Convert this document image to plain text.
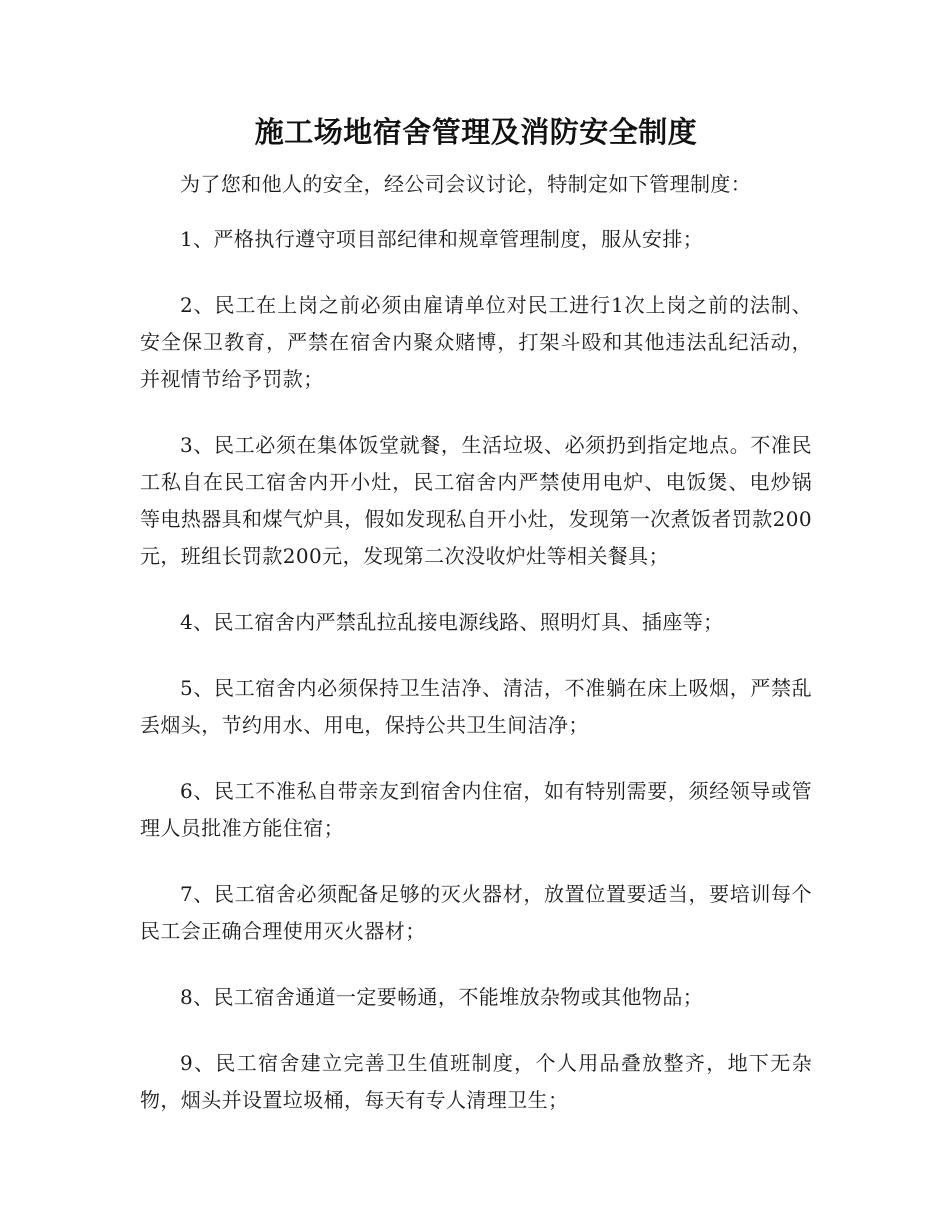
施工场地宿舍管理及消防安全制度

为了您和他人的安全，经公司会议讨论，特制定如下管理制度：

1、严格执行遵守项目部纪律和规章管理制度，服从安排；

2、民工在上岗之前必须由雇请单位对民工进行1次上岗之前的法制、安全保卫教育，严禁在宿舍内聚众赌博，打架斗殴和其他违法乱纪活动，并视情节给予罚款；

3、民工必须在集体饭堂就餐，生活垃圾、必须扔到指定地点。不准民工私自在民工宿舍内开小灶，民工宿舍内严禁使用电炉、电饭煲、电炒锅等电热器具和煤气炉具，假如发现私自开小灶，发现第一次煮饭者罚款200元，班组长罚款200元，发现第二次没收炉灶等相关餐具；

4、民工宿舍内严禁乱拉乱接电源线路、照明灯具、插座等；

5、民工宿舍内必须保持卫生洁净、清洁，不准躺在床上吸烟，严禁乱丢烟头，节约用水、用电，保持公共卫生间洁净；

6、民工不准私自带亲友到宿舍内住宿，如有特别需要，须经领导或管理人员批准方能住宿；

7、民工宿舍必须配备足够的灭火器材，放置位置要适当，要培训每个民工会正确合理使用灭火器材；

8、民工宿舍通道一定要畅通，不能堆放杂物或其他物品；

9、民工宿舍建立完善卫生值班制度，个人用品叠放整齐，地下无杂物，烟头并设置垃圾桶，每天有专人清理卫生；
